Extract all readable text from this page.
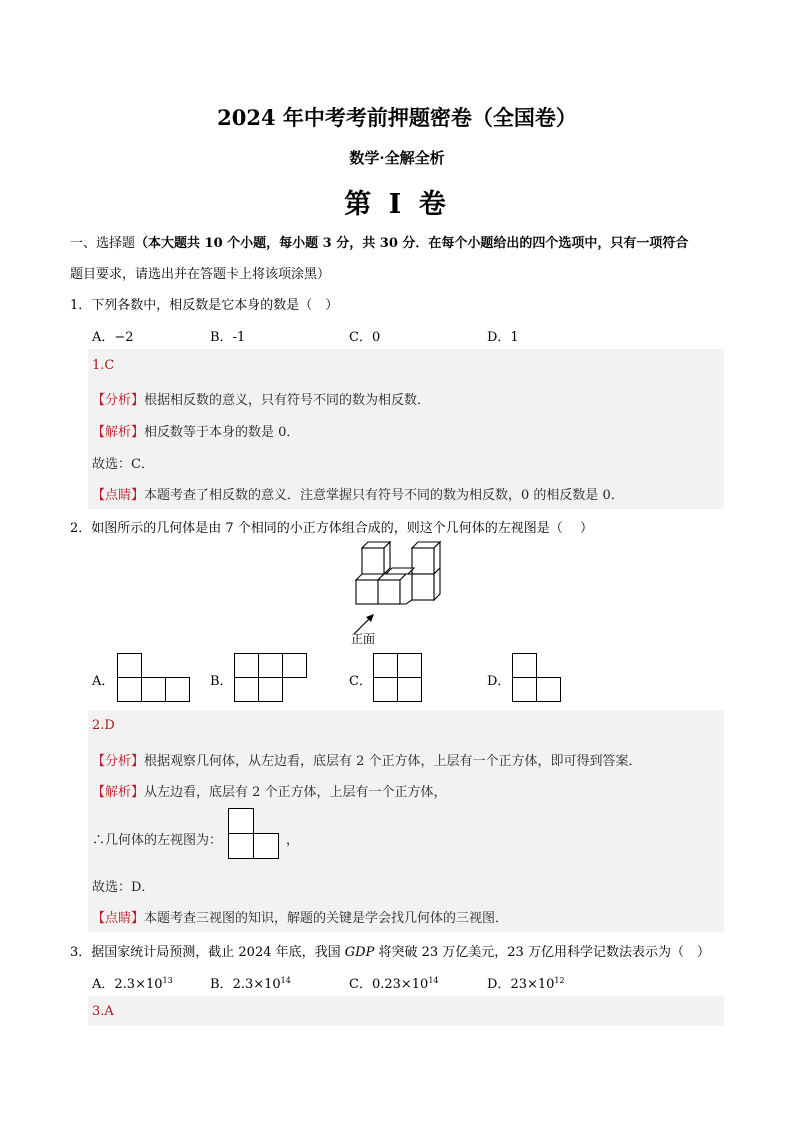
2024 年中考考前押题密卷（全国卷）
数学·全解全析
第 I 卷
一、选择题（本大题共 10 个小题，每小题 3 分，共 30 分．在每个小题给出的四个选项中，只有一项符合
题目要求，请选出并在答题卡上将该项涂黑）
1．下列各数中，相反数是它本身的数是（　）
A．−2	B．-1	C．0	D．1
1.C
【分析】根据相反数的意义，只有符号不同的数为相反数．
【解析】相反数等于本身的数是 0．
故选：C．
【点睛】本题考查了相反数的意义．注意掌握只有符号不同的数为相反数，0 的相反数是 0．
2．如图所示的几何体是由 7 个相同的小正方体组合成的，则这个几何体的左视图是（　 ）
正面
A．	B．	C．	D．
2.D
【分析】根据观察几何体，从左边看，底层有 2 个正方体，上层有一个正方体，即可得到答案．
【解析】从左边看，底层有 2 个正方体，上层有一个正方体，
∴几何体的左视图为：	，
故选：D．
【点睛】本题考查三视图的知识，解题的关键是学会找几何体的三视图．
3．据国家统计局预测，截止 2024 年底，我国 GDP 将突破 23 万亿美元，23 万亿用科学记数法表示为（　）
A．$2.3\times 10^{13}$	B．$2.3\times 10^{14}$	C．$0.23\times 10^{14}$	D．$23\times 10^{12}$
3.A
